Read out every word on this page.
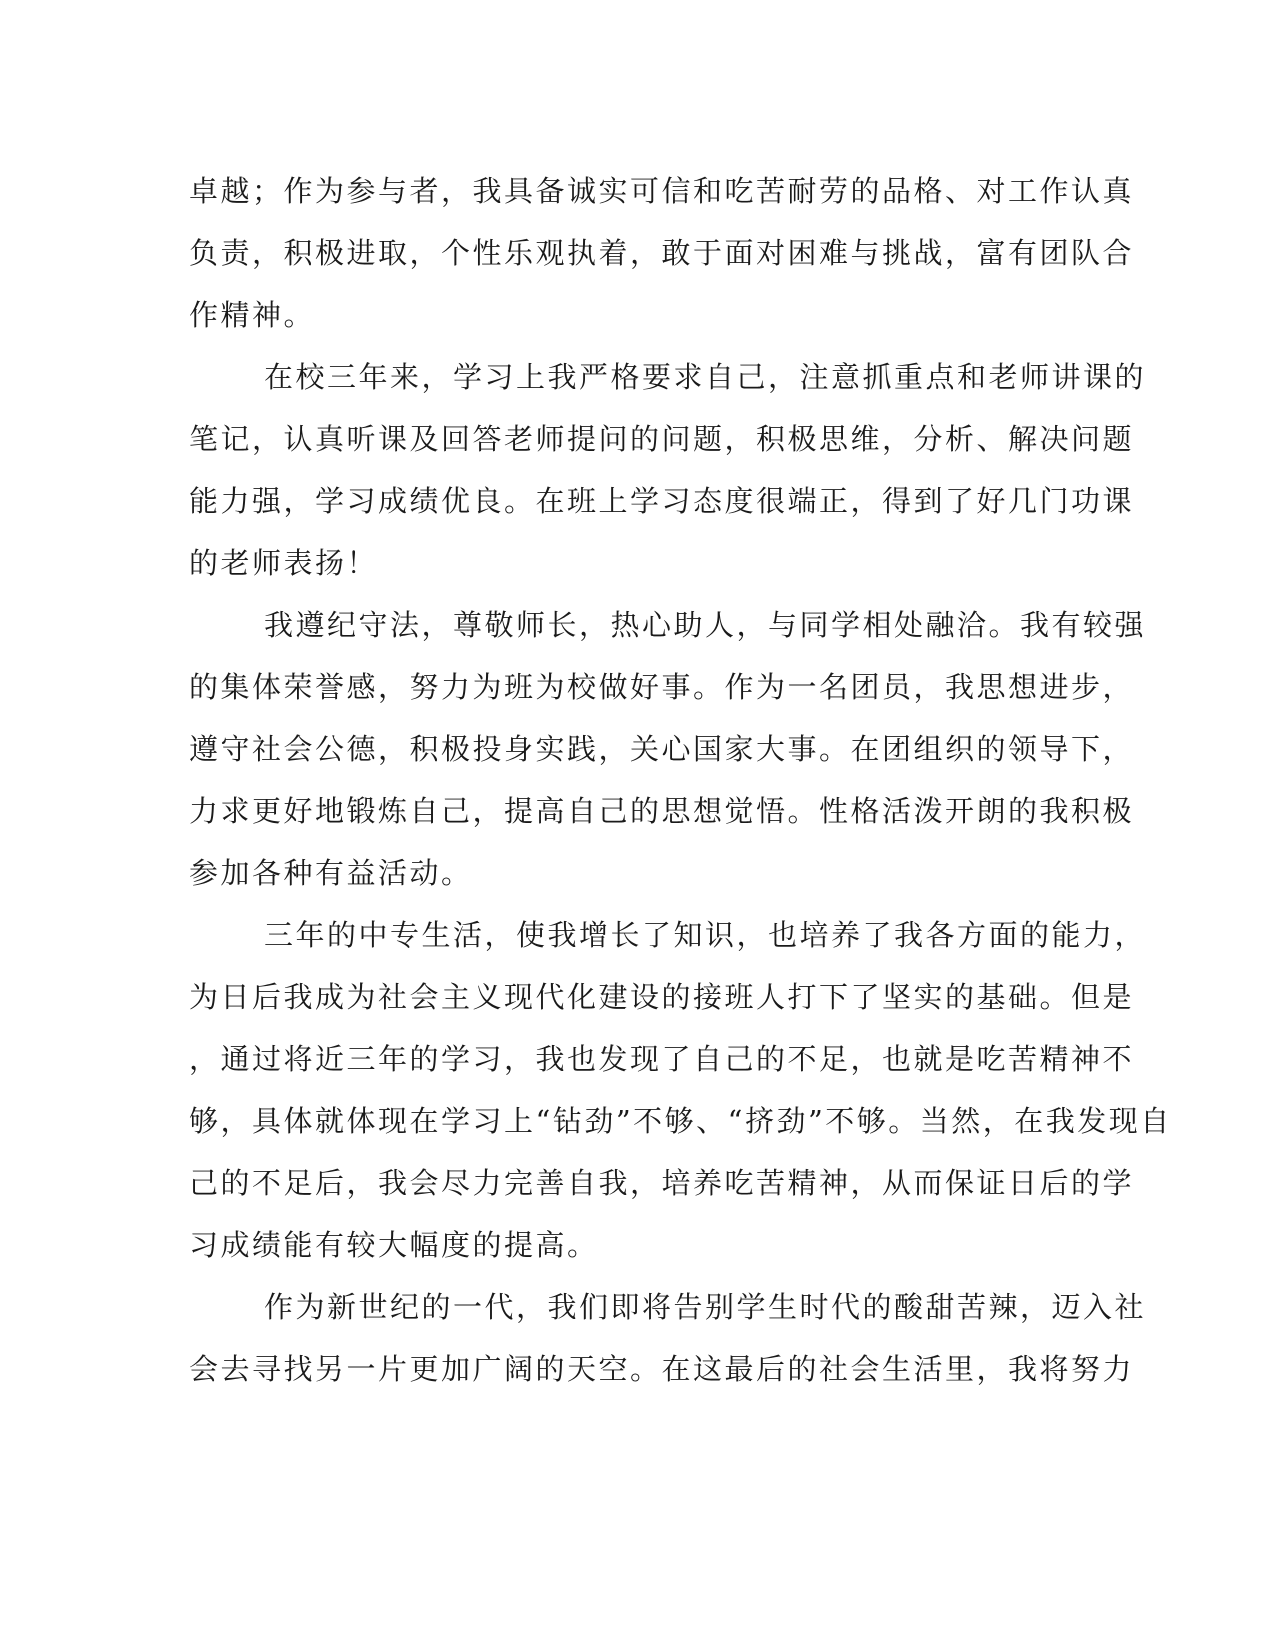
卓越；作为参与者，我具备诚实可信和吃苦耐劳的品格、对工作认真
负责，积极进取，个性乐观执着，敢于面对困难与挑战，富有团队合
作精神。
在校三年来，学习上我严格要求自己，注意抓重点和老师讲课的
笔记，认真听课及回答老师提问的问题，积极思维，分析、解决问题
能力强，学习成绩优良。在班上学习态度很端正，得到了好几门功课
的老师表扬！
我遵纪守法，尊敬师长，热心助人，与同学相处融洽。我有较强
的集体荣誉感，努力为班为校做好事。作为一名团员，我思想进步，
遵守社会公德，积极投身实践，关心国家大事。在团组织的领导下，
力求更好地锻炼自己，提高自己的思想觉悟。性格活泼开朗的我积极
参加各种有益活动。
三年的中专生活，使我增长了知识，也培养了我各方面的能力，
为日后我成为社会主义现代化建设的接班人打下了坚实的基础。但是
，通过将近三年的学习，我也发现了自己的不足，也就是吃苦精神不
够，具体就体现在学习上“钻劲”不够、“挤劲”不够。当然，在我发现自
己的不足后，我会尽力完善自我，培养吃苦精神，从而保证日后的学
习成绩能有较大幅度的提高。
作为新世纪的一代，我们即将告别学生时代的酸甜苦辣，迈入社
会去寻找另一片更加广阔的天空。在这最后的社会生活里，我将努力
